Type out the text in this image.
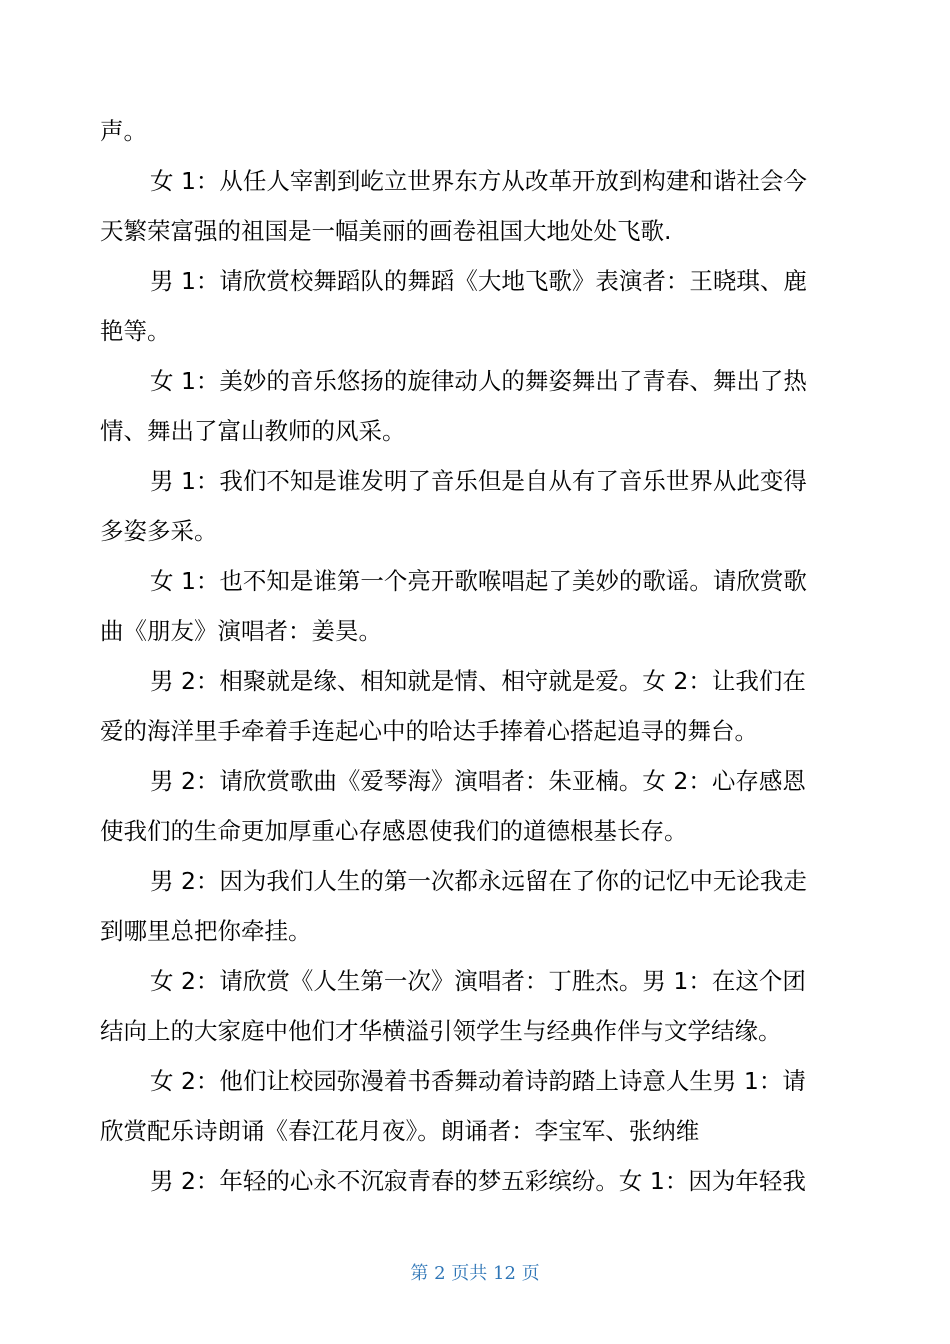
声。

女 1：从任人宰割到屹立世界东方从改革开放到构建和谐社会今
天繁荣富强的祖国是一幅美丽的画卷祖国大地处处飞歌.

男 1：请欣赏校舞蹈队的舞蹈《大地飞歌》表演者：王晓琪、鹿
艳等。

女 1：美妙的音乐悠扬的旋律动人的舞姿舞出了青春、舞出了热
情、舞出了富山教师的风采。

男 1：我们不知是谁发明了音乐但是自从有了音乐世界从此变得
多姿多采。

女 1：也不知是谁第一个亮开歌喉唱起了美妙的歌谣。请欣赏歌
曲《朋友》演唱者：姜昊。

男 2：相聚就是缘、相知就是情、相守就是爱。女 2：让我们在
爱的海洋里手牵着手连起心中的哈达手捧着心搭起追寻的舞台。

男 2：请欣赏歌曲《爱琴海》演唱者：朱亚楠。女 2：心存感恩
使我们的生命更加厚重心存感恩使我们的道德根基长存。

男 2：因为我们人生的第一次都永远留在了你的记忆中无论我走
到哪里总把你牵挂。

女 2：请欣赏《人生第一次》演唱者：丁胜杰。男 1：在这个团
结向上的大家庭中他们才华横溢引领学生与经典作伴与文学结缘。

女 2：他们让校园弥漫着书香舞动着诗韵踏上诗意人生男 1：请
欣赏配乐诗朗诵《春江花月夜》。朗诵者：李宝军、张纳维

男 2：年轻的心永不沉寂青春的梦五彩缤纷。女 1：因为年轻我

第 2 页共 12 页
